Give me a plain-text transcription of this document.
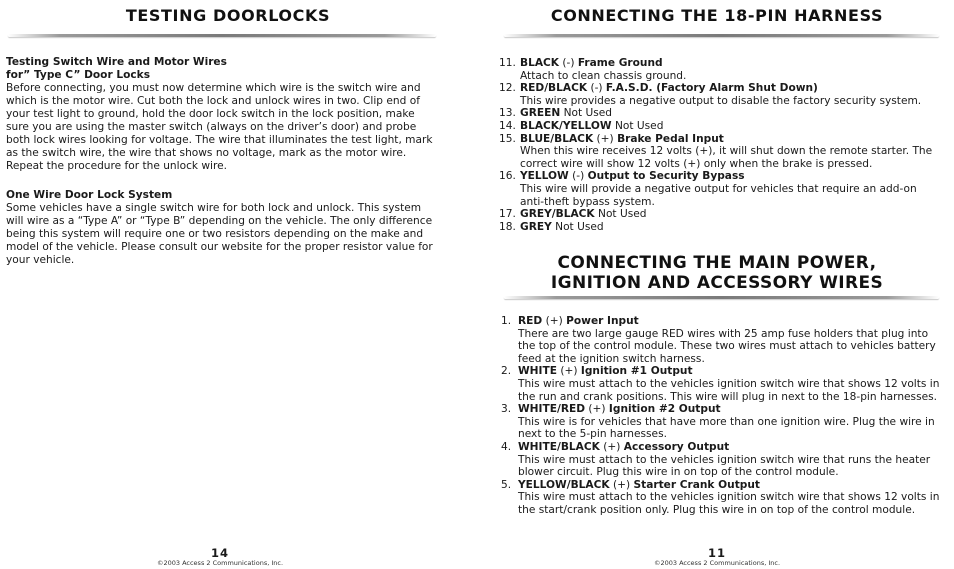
TESTING DOORLOCKS
Testing Switch Wire and Motor Wires
for” Type C” Door Locks
Before connecting, you must now determine which wire is the switch wire and which is the motor wire. Cut both the lock and unlock wires in two. Clip end of your test light to ground, hold the door lock switch in the lock position, make sure you are using the master switch (always on the driver’s door) and probe both lock wires looking for voltage. The wire that illuminates the test light, mark as the switch wire, the wire that shows no voltage, mark as the motor wire. Repeat the procedure for the unlock wire.
One Wire Door Lock System
Some vehicles have a single switch wire for both lock and unlock. This system will wire as a “Type A” or “Type B” depending on the vehicle. The only difference being this system will require one or two resistors depending on the make and model of the vehicle. Please consult our website for the proper resistor value for your vehicle.
14
©2003 Access 2 Communications, Inc.
CONNECTING THE 18-PIN HARNESS
11. BLACK (-) Frame Ground
Attach to clean chassis ground.
12. RED/BLACK (-) F.A.S.D. (Factory Alarm Shut Down)
This wire provides a negative output to disable the factory security system.
13. GREEN Not Used
14. BLACK/YELLOW Not Used
15. BLUE/BLACK (+) Brake Pedal Input
When this wire receives 12 volts (+), it will shut down the remote starter. The correct wire will show 12 volts (+) only when the brake is pressed.
16. YELLOW (-) Output to Security Bypass
This wire will provide a negative output for vehicles that require an add-on anti-theft bypass system.
17. GREY/BLACK Not Used
18. GREY Not Used
CONNECTING THE MAIN POWER,
IGNITION AND ACCESSORY WIRES
1. RED (+) Power Input
There are two large gauge RED wires with 25 amp fuse holders that plug into the top of the control module. These two wires must attach to vehicles battery feed at the ignition switch harness.
2. WHITE (+) Ignition #1 Output
This wire must attach to the vehicles ignition switch wire that shows 12 volts in the run and crank positions. This wire will plug in next to the 18-pin harnesses.
3. WHITE/RED (+) Ignition #2 Output
This wire is for vehicles that have more than one ignition wire. Plug the wire in next to the 5-pin harnesses.
4. WHITE/BLACK (+) Accessory Output
This wire must attach to the vehicles ignition switch wire that runs the heater blower circuit. Plug this wire in on top of the control module.
5. YELLOW/BLACK (+) Starter Crank Output
This wire must attach to the vehicles ignition switch wire that shows 12 volts in the start/crank position only. Plug this wire in on top of the control module.
11
©2003 Access 2 Communications, Inc.
